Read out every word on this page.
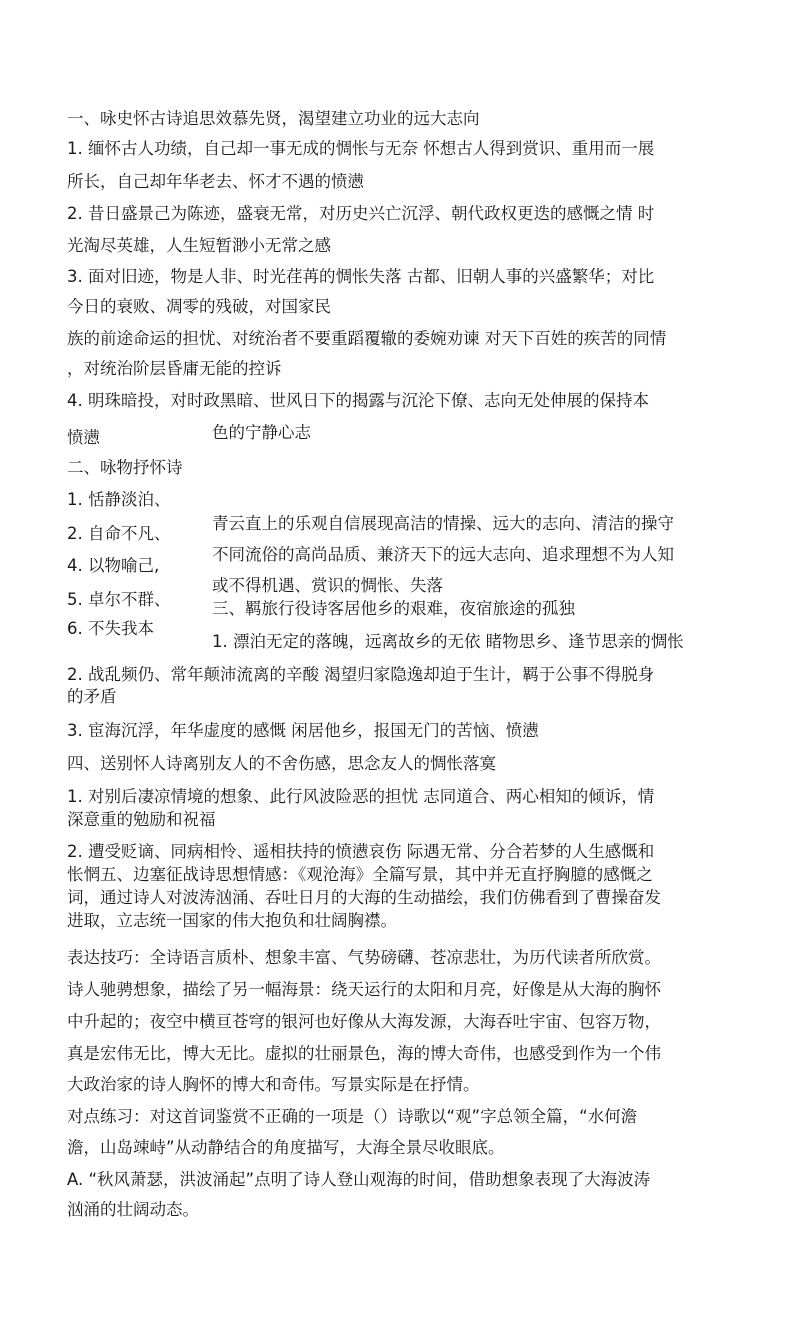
一、咏史怀古诗追思效慕先贤，渴望建立功业的远大志向
1. 缅怀古人功绩，自己却一事无成的惆怅与无奈 怀想古人得到赏识、重用而一展
所长，自己却年华老去、怀才不遇的愤懑
2. 昔日盛景己为陈迹，盛衰无常，对历史兴亡沉浮、朝代政权更迭的感慨之情 时
光淘尽英雄，人生短暂渺小无常之感
3. 面对旧迹，物是人非、时光荏苒的惆怅失落 古都、旧朝人事的兴盛繁华；对比
今日的衰败、凋零的残破，对国家民
族的前途命运的担忧、对统治者不要重蹈覆辙的委婉劝谏 对天下百姓的疾苦的同情
，对统治阶层昏庸无能的控诉
4. 明珠暗投，对时政黑暗、世风日下的揭露与沉沦下僚、志向无处伸展的保持本
愤懑	色的宁静心志
二、咏物抒怀诗
1. 恬静淡泊、
2. 自命不凡、
4. 以物喻己,
5. 卓尔不群、
6. 不失我本
青云直上的乐观自信展现高洁的情操、远大的志向、清洁的操守
不同流俗的高尚品质、兼济天下的远大志向、追求理想不为人知
或不得机遇、赏识的惆怅、失落
三、羁旅行役诗客居他乡的艰难，夜宿旅途的孤独
1. 漂泊无定的落魄，远离故乡的无依 睹物思乡、逢节思亲的惆怅
2. 战乱频仍、常年颠沛流离的辛酸 渴望归家隐逸却迫于生计，羁于公事不得脱身
的矛盾
3. 宦海沉浮，年华虚度的感慨 闲居他乡，报国无门的苦恼、愤懑
四、送别怀人诗离别友人的不舍伤感，思念友人的惆怅落寞
1. 对别后凄凉情境的想象、此行风波险恶的担忧 志同道合、两心相知的倾诉，情
深意重的勉励和祝福
2. 遭受贬谪、同病相怜、遥相扶持的愤懑哀伤 际遇无常、分合若梦的人生感慨和
怅惘五、边塞征战诗思想情感：《观沧海》全篇写景，其中并无直抒胸臆的感慨之
词，通过诗人对波涛汹涌、吞吐日月的大海的生动描绘，我们仿佛看到了曹操奋发
进取，立志统一国家的伟大抱负和壮阔胸襟。
表达技巧：全诗语言质朴、想象丰富、气势磅礴、苍凉悲壮，为历代读者所欣赏。
诗人驰骋想象，描绘了另一幅海景：绕天运行的太阳和月亮，好像是从大海的胸怀
中升起的；夜空中横亘苍穹的银河也好像从大海发源，大海吞吐宇宙、包容万物，
真是宏伟无比，博大无比。虚拟的壮丽景色，海的博大奇伟，也感受到作为一个伟
大政治家的诗人胸怀的博大和奇伟。写景实际是在抒情。
对点练习：对这首词鉴赏不正确的一项是（）诗歌以“观”字总领全篇，“水何澹
澹，山岛竦峙”从动静结合的角度描写，大海全景尽收眼底。
A. “秋风萧瑟，洪波涌起”点明了诗人登山观海的时间，借助想象表现了大海波涛
汹涌的壮阔动态。
